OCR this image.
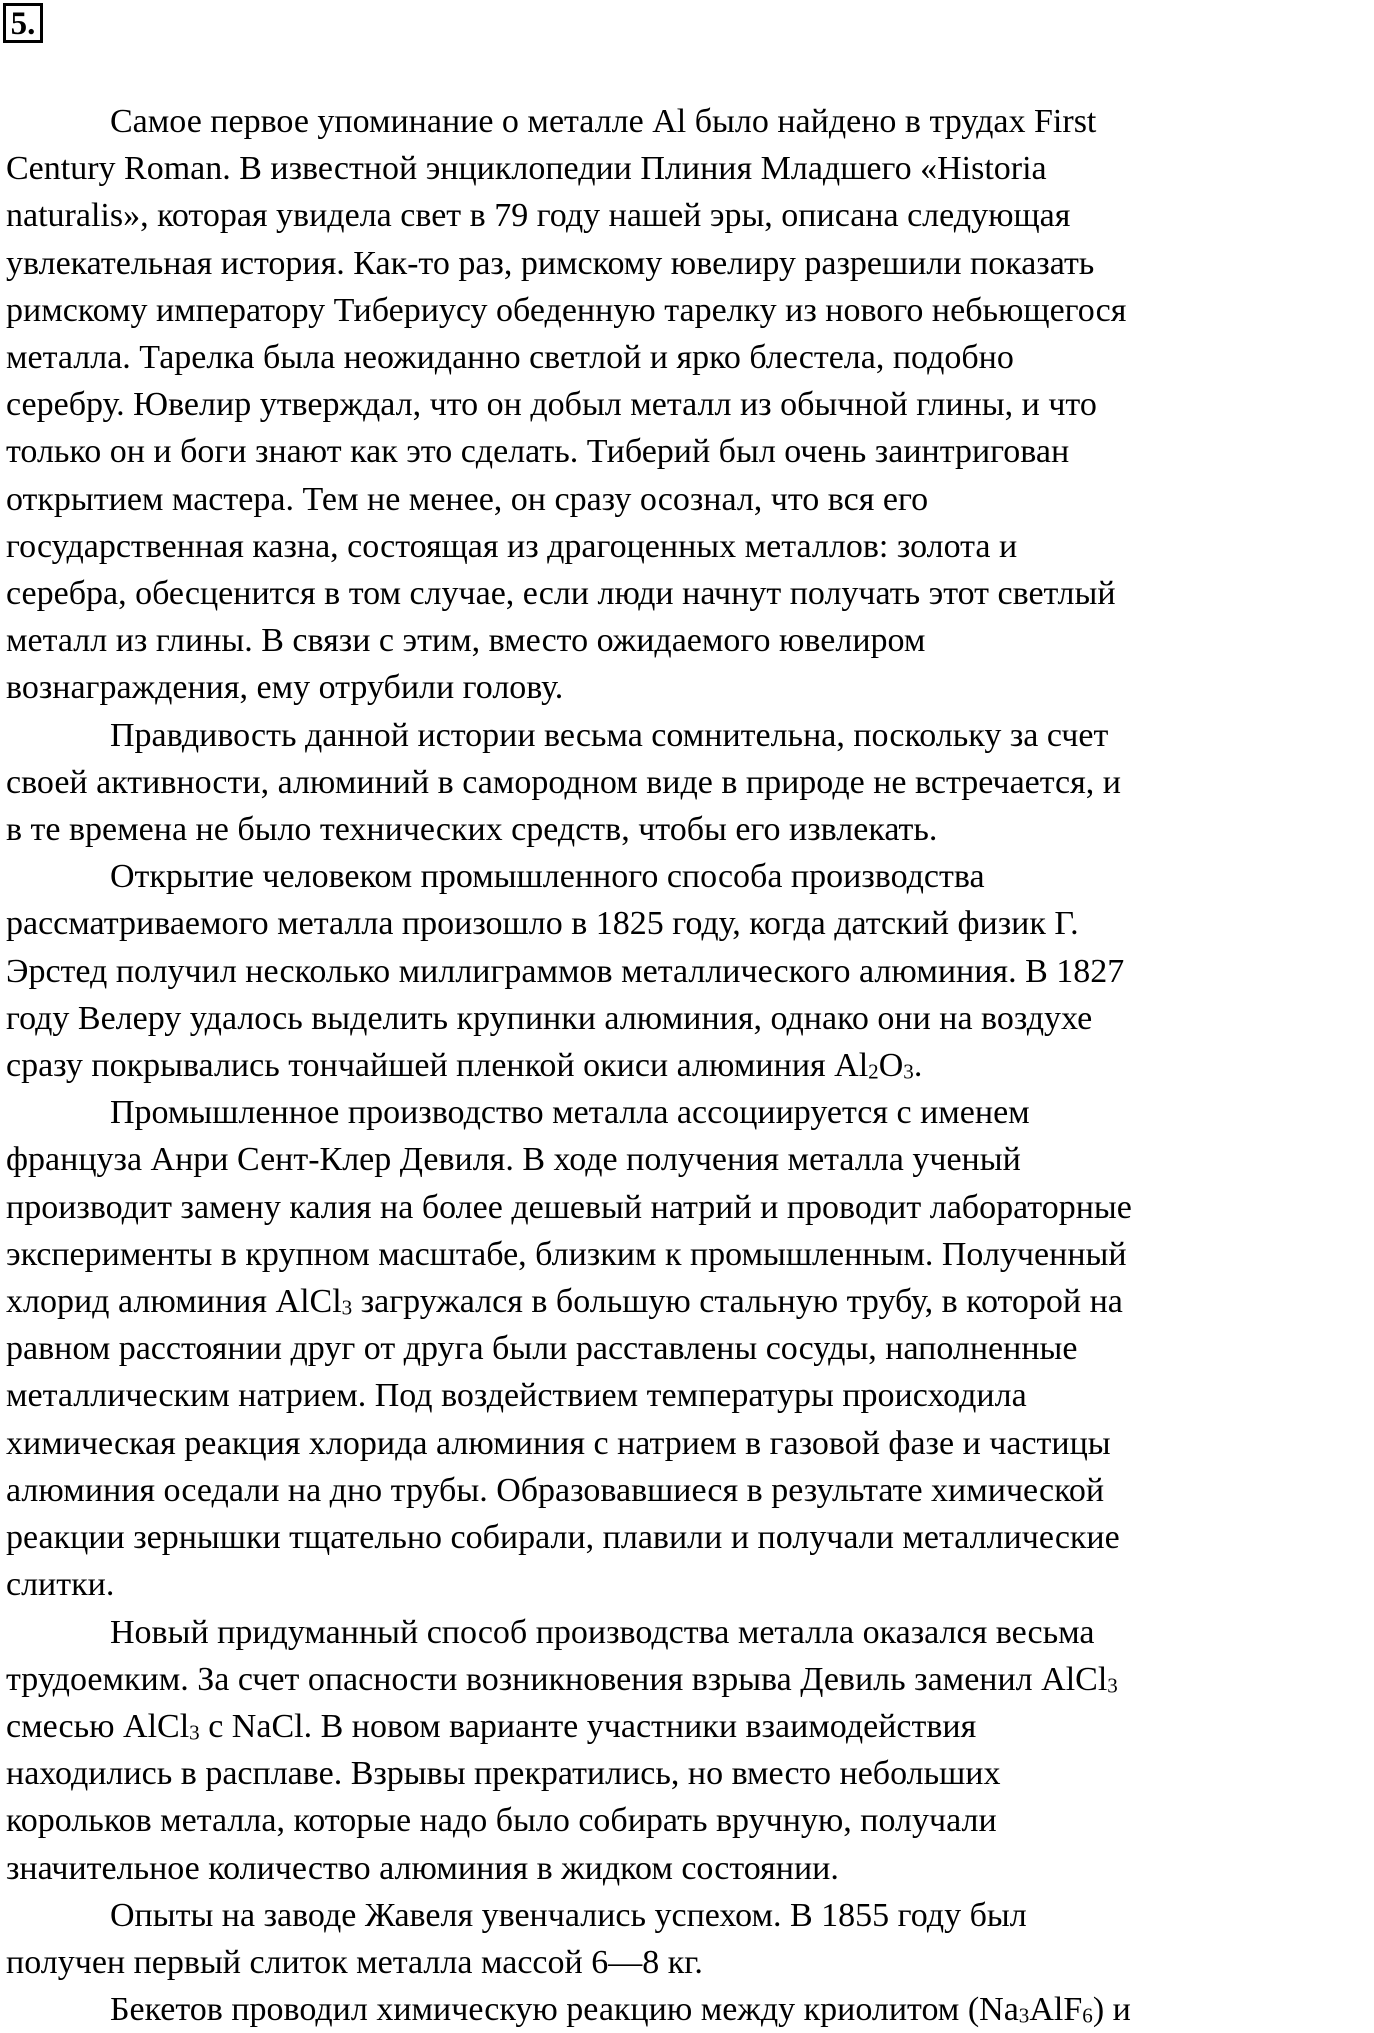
5.
Самое первое упоминание о металле Al было найдено в трудах First
Century Roman. В известной энциклопедии Плиния Младшего «Historia
naturalis», которая увидела свет в 79 году нашей эры, описана следующая
увлекательная история. Как-то раз, римскому ювелиру разрешили показать
римскому императору Тибериусу обеденную тарелку из нового небьющегося
металла. Тарелка была неожиданно светлой и ярко блестела, подобно
серебру. Ювелир утверждал, что он добыл металл из обычной глины, и что
только он и боги знают как это сделать. Тиберий был очень заинтригован
открытием мастера. Тем не менее, он сразу осознал, что вся его
государственная казна, состоящая из драгоценных металлов: золота и
серебра, обесценится в том случае, если люди начнут получать этот светлый
металл из глины. В связи с этим, вместо ожидаемого ювелиром
вознаграждения, ему отрубили голову.
Правдивость данной истории весьма сомнительна, поскольку за счет
своей активности, алюминий в самородном виде в природе не встречается, и
в те времена не было технических средств, чтобы его извлекать.
Открытие человеком промышленного способа производства
рассматриваемого металла произошло в 1825 году, когда датский физик Г.
Эрстед получил несколько миллиграммов металлического алюминия. В 1827
году Велеру удалось выделить крупинки алюминия, однако они на воздухе
сразу покрывались тончайшей пленкой окиси алюминия $Al_2O_3$.
Промышленное производство металла ассоциируется с именем
француза Анри Сент-Клер Девиля. В ходе получения металла ученый
производит замену калия на более дешевый натрий и проводит лабораторные
эксперименты в крупном масштабе, близким к промышленным. Полученный
хлорид алюминия AlCl$_3$ загружался в большую стальную трубу, в которой на
равном расстоянии друг от друга были расставлены сосуды, наполненные
металлическим натрием. Под воздействием температуры происходила
химическая реакция хлорида алюминия с натрием в газовой фазе и частицы
алюминия оседали на дно трубы. Образовавшиеся в результате химической
реакции зернышки тщательно собирали, плавили и получали металлические
слитки.
Новый придуманный способ производства металла оказался весьма
трудоемким. За счет опасности возникновения взрыва Девиль заменил AlCl$_3$
смесью AlCl$_3$ с NaCl. В новом варианте участники взаимодействия
находились в расплаве. Взрывы прекратились, но вместо небольших
корольков металла, которые надо было собирать вручную, получали
значительное количество алюминия в жидком состоянии.
Опыты на заводе Жавеля увенчались успехом. В 1855 году был
получен первый слиток металла массой 6—8 кг.
Бекетов проводил химическую реакцию между криолитом $(Na_3AlF_6)$ и
